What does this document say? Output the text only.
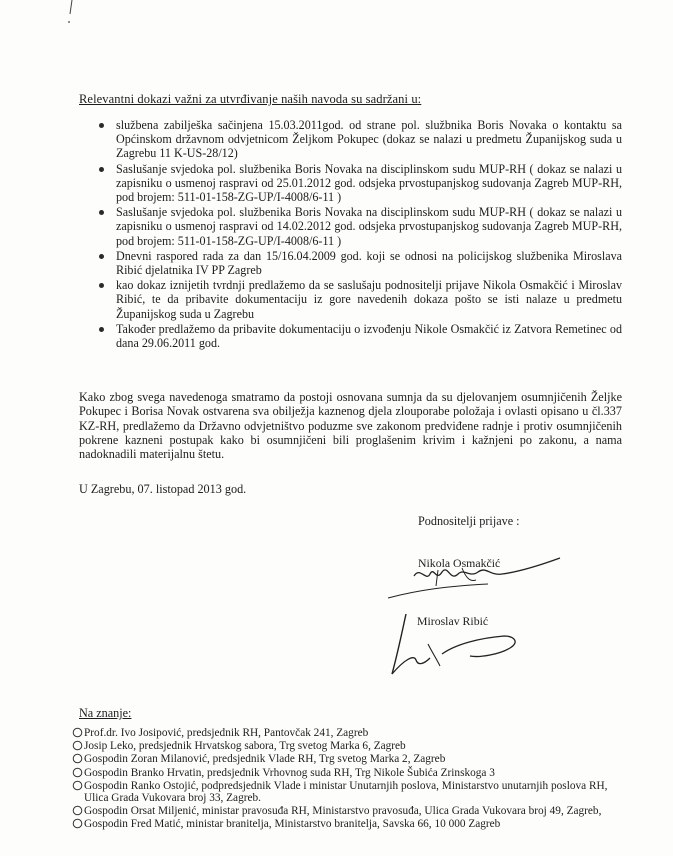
Relevantni dokazi važni za utvrđivanje naših navoda su sadržani u:
službena zabilješka sačinjena 15.03.2011god. od strane pol. službnika Boris Novaka o kontaktu sa Općinskom državnom odvjetnicom Željkom Pokupec (dokaz se nalazi u predmetu Županijskog suda u Zagrebu 11 K-US-28/12)
Saslušanje svjedoka pol. službenika Boris Novaka na disciplinskom sudu MUP-RH ( dokaz se nalazi u zapisniku o usmenoj raspravi od 25.01.2012 god. odsjeka prvostupanjskog sudovanja Zagreb MUP-RH, pod brojem: 511-01-158-ZG-UP/I-4008/6-11 )
Saslušanje svjedoka pol. službenika Boris Novaka na disciplinskom sudu MUP-RH ( dokaz se nalazi u zapisniku o usmenoj raspravi od 14.02.2012 god. odsjeka prvostupanjskog sudovanja Zagreb MUP-RH, pod brojem: 511-01-158-ZG-UP/I-4008/6-11 )
Dnevni raspored rada za dan 15/16.04.2009 god. koji se odnosi na policijskog službenika Miroslava Ribić djelatnika IV PP Zagreb
kao dokaz iznijetih tvrdnji predlažemo da se saslušaju podnositelji prijave Nikola Osmakčić i Miroslav Ribić, te da pribavite dokumentaciju iz gore navedenih dokaza pošto se isti nalaze u predmetu Županijskog suda u Zagrebu
Također predlažemo da pribavite dokumentaciju o izvođenju Nikole Osmakčić iz Zatvora Remetinec od dana 29.06.2011 god.
Kako zbog svega navedenoga smatramo da postoji osnovana sumnja da su djelovanjem osumnjičenih Željke Pokupec i Borisa Novak ostvarena sva obilježja kaznenog djela zlouporabe položaja i ovlasti opisano u čl.337 KZ-RH, predlažemo da Državno odvjetništvo poduzme sve zakonom predviđene radnje i protiv osumnjičenih pokrene kazneni postupak kako bi osumnjičeni bili proglašenim krivim i kažnjeni po zakonu, a nama nadoknadili materijalnu štetu.
U Zagrebu, 07. listopad 2013 god.
Podnositelji prijave :
Nikola Osmakčić
Miroslav Ribić
Na znanje:
Prof.dr. Ivo Josipović, predsjednik RH, Pantovčak 241, Zagreb
Josip Leko, predsjednik Hrvatskog sabora, Trg svetog Marka 6, Zagreb
Gospodin Zoran Milanović, predsjednik Vlade RH, Trg svetog Marka 2, Zagreb
Gospodin Branko Hrvatin, predsjednik Vrhovnog suda RH, Trg Nikole Šubića Zrinskoga 3
Gospodin Ranko Ostojić, podpredsjednik Vlade i ministar Unutarnjih poslova, Ministarstvo unutarnjih poslova RH, Ulica Grada Vukovara broj 33, Zagreb.
Gospodin Orsat Miljenić, ministar pravosuđa RH, Ministarstvo pravosuđa, Ulica Grada Vukovara broj 49, Zagreb,
Gospodin Fred Matić, ministar branitelja, Ministarstvo branitelja, Savska 66, 10 000 Zagreb
